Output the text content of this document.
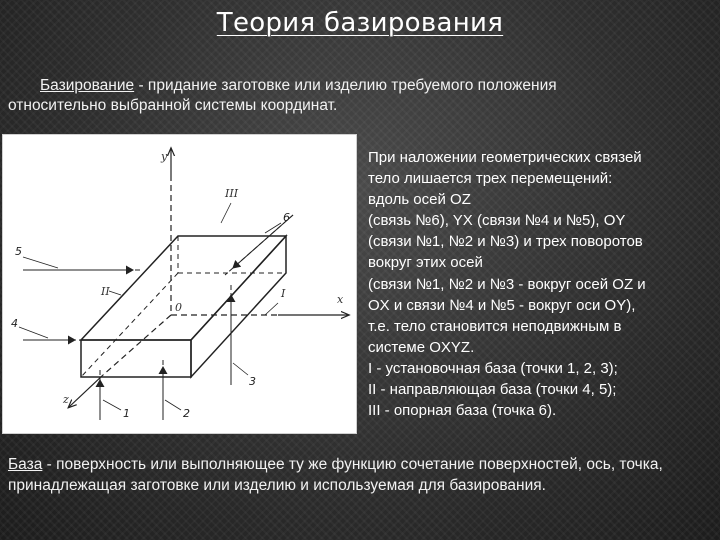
Теория базирования
Базирование - придание заготовке или изделию требуемого положения
относительно выбранной системы координат.
y
x
z
0
III
II	I
1	2
3
4
5
6
При наложении геометрических связей
тело лишается трех перемещений:
вдоль осей OZ
(связь №6), YX (связи №4 и №5), OY
(связи №1, №2 и №3) и трех поворотов
вокруг этих осей
(связи №1, №2 и №3 - вокруг осей OZ и
OX и связи №4 и №5 - вокруг оси OY),
т.е. тело становится неподвижным в
системе OXYZ.
I - установочная база (точки 1, 2, 3);
II - направляющая база (точки 4, 5);
III - опорная база (точка 6).
База - поверхность или выполняющее ту же функцию сочетание поверхностей, ось, точка, принадлежащая заготовке или изделию и используемая для базирования.
